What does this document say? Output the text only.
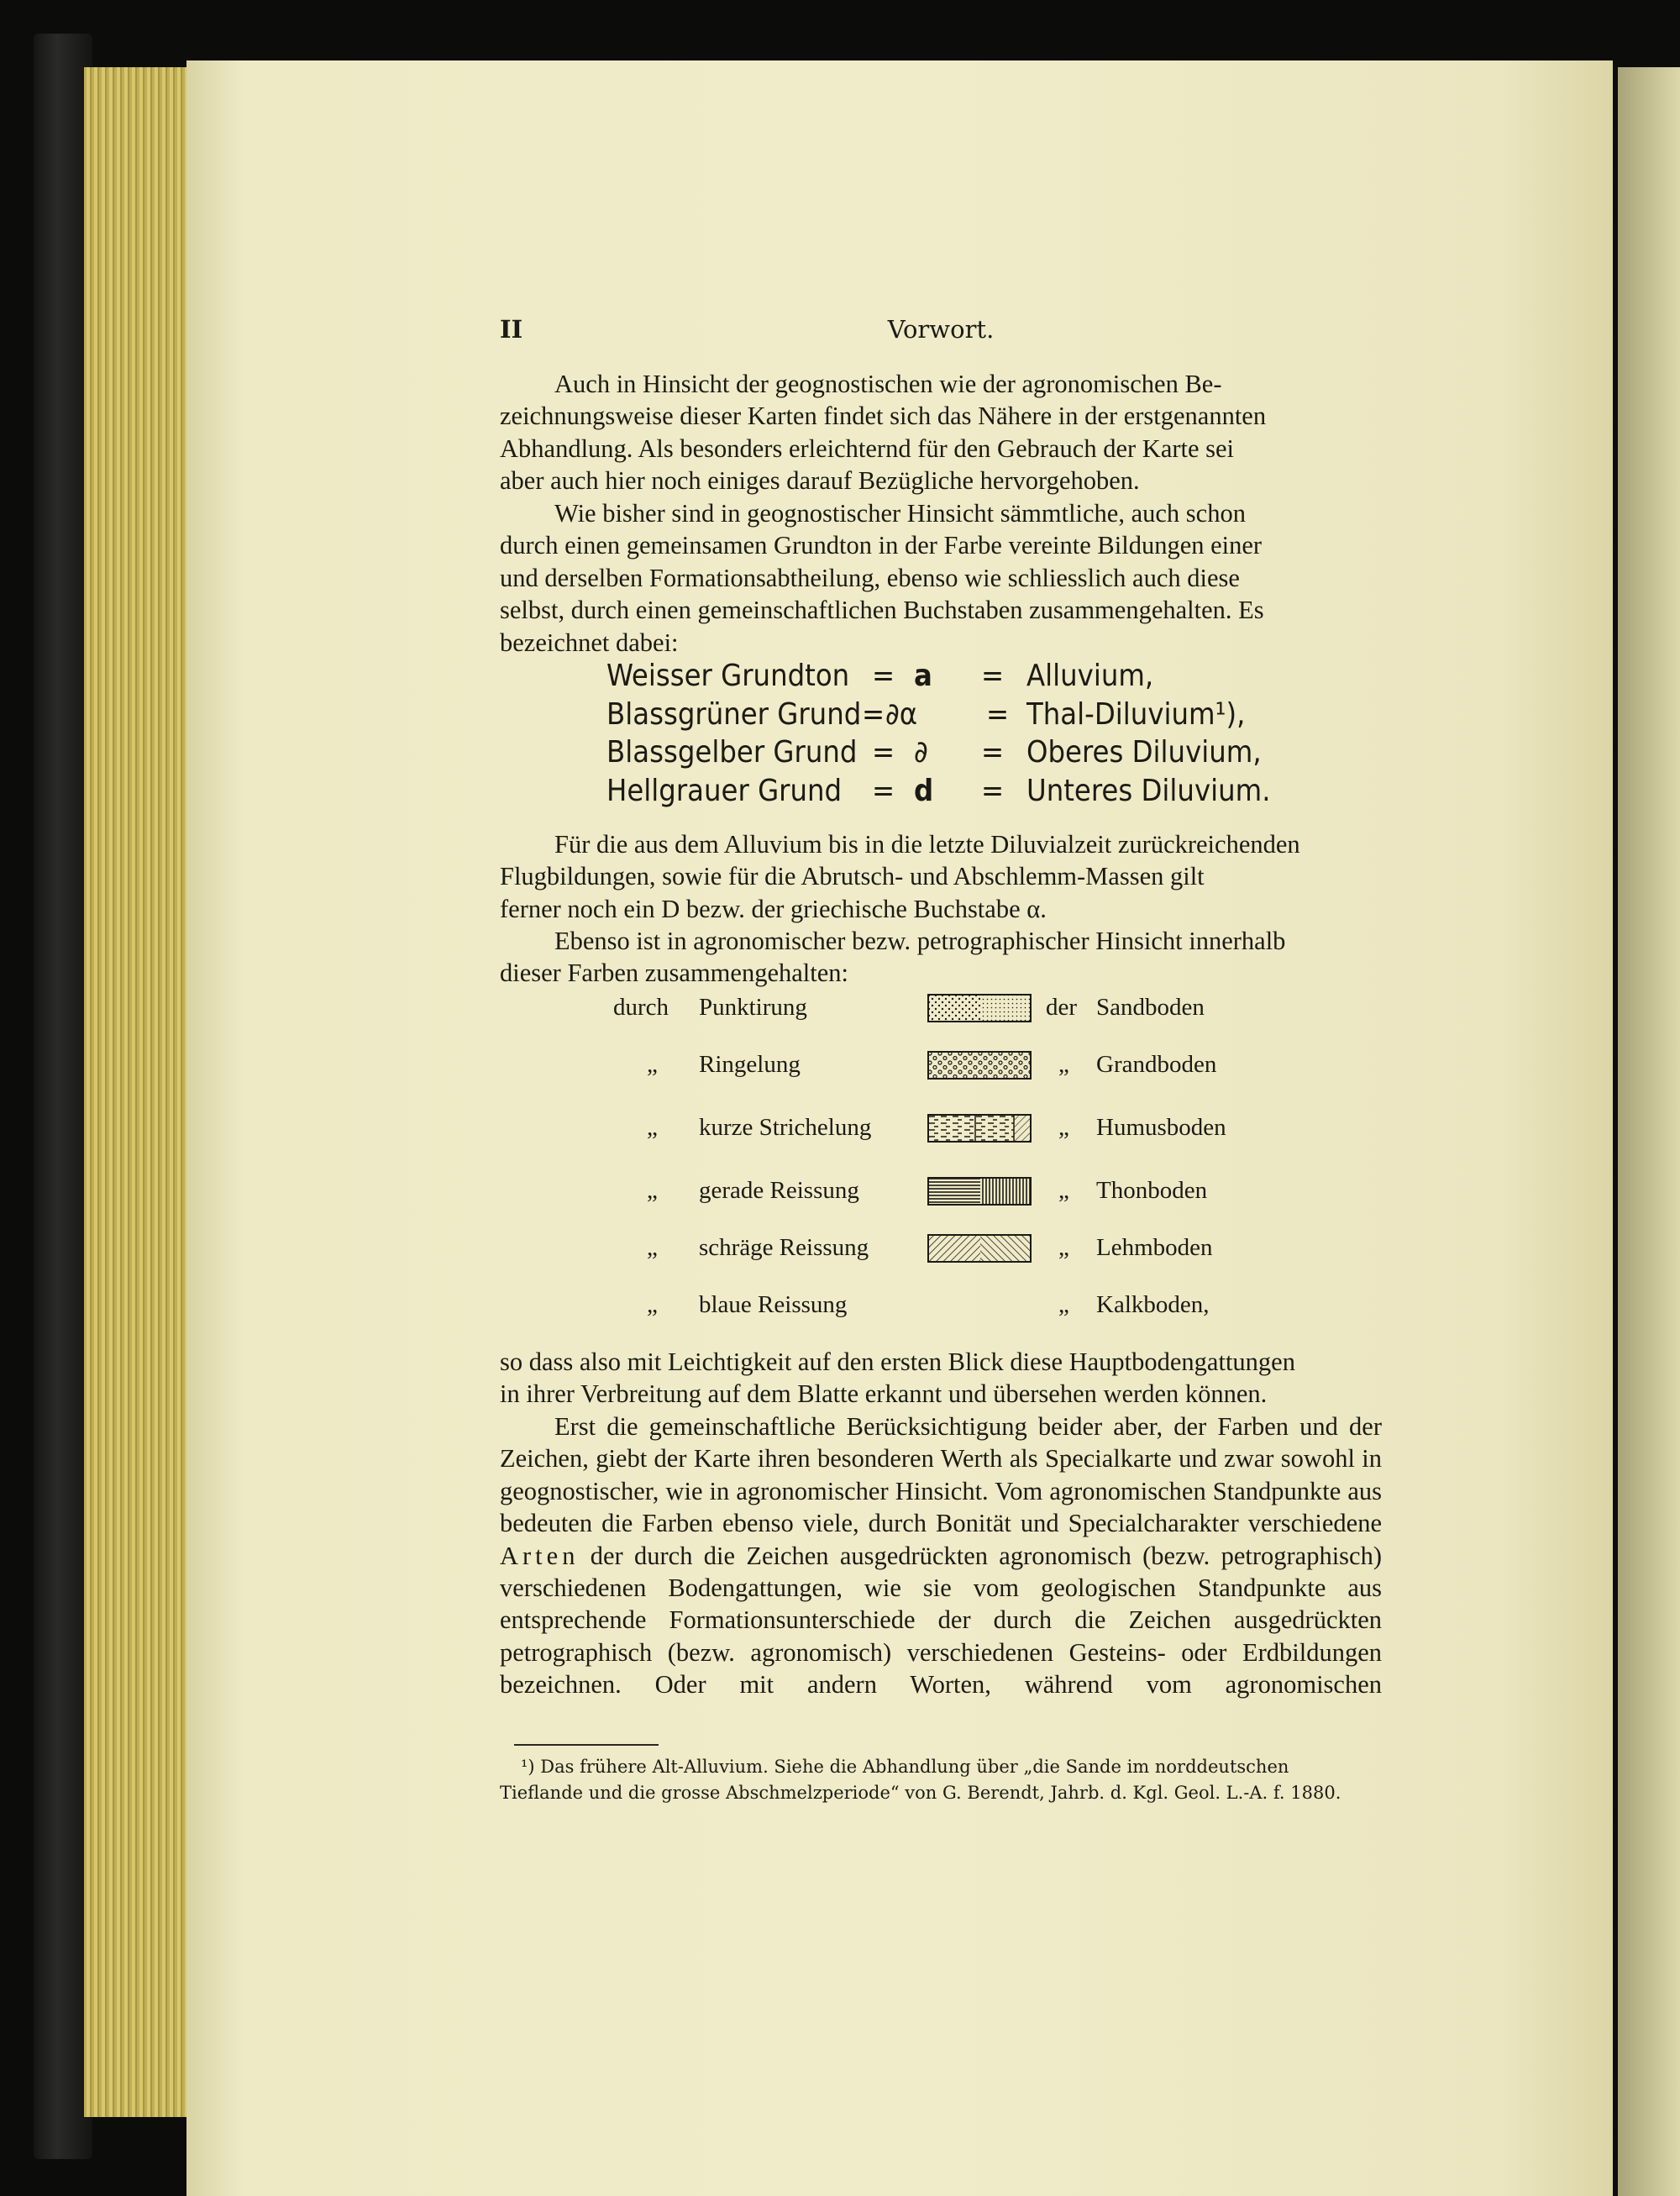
II	Vorwort.

Auch in Hinsicht der geognostischen wie der agronomischen Be-

zeichnungsweise dieser Karten findet sich das Nähere in der erstgenannten

Abhandlung. Als besonders erleichternd für den Gebrauch der Karte sei

aber auch hier noch einiges darauf Bezügliche hervorgehoben.

Wie bisher sind in geognostischer Hinsicht sämmtliche, auch schon

durch einen gemeinsamen Grundton in der Farbe vereinte Bildungen einer

und derselben Formationsabtheilung, ebenso wie schliesslich auch diese

selbst, durch einen gemeinschaftlichen Buchstaben zusammengehalten. Es

bezeichnet dabei:

Weisser Grundton a	Alluvium,
Blassgrüner Grund ∂α	Thal-Diluvium¹),
Blassgelber Grund ∂	Oberes Diluvium,
Hellgrauer Grund d	Unteres Diluvium.

Für die aus dem Alluvium bis in die letzte Diluvialzeit zurückreichenden

Flugbildungen, sowie für die Abrutsch- und Abschlemm-Massen gilt

ferner noch ein D bezw. der griechische Buchstabe α.

Ebenso ist in agronomischer bezw. petrographischer Hinsicht innerhalb

dieser Farben zusammengehalten:

durch Punktirung	der Sandboden
„ Ringelung	„ Grandboden
„ kurze Strichelung	„ Humusboden
„ gerade Reissung	„ Thonboden
„ schräge Reissung	„ Lehmboden
„ blaue Reissung	„ Kalkboden,

so dass also mit Leichtigkeit auf den ersten Blick diese Hauptbodengattungen

in ihrer Verbreitung auf dem Blatte erkannt und übersehen werden können.

Erst die gemeinschaftliche Berücksichtigung beider aber, der Farben und der Zeichen, giebt der Karte ihren besonderen Werth als Specialkarte und zwar sowohl in geognostischer, wie in agronomischer Hinsicht. Vom agronomischen Standpunkte aus bedeuten die Farben ebenso viele, durch Bonität und Specialcharakter verschiedene Arten der durch die Zeichen ausgedrückten agronomisch (bezw. petrographisch) verschiedenen Bodengattungen, wie sie vom geologischen Standpunkte aus entsprechende Formationsunterschiede der durch die Zeichen ausgedrückten petrographisch (bezw. agronomisch) verschiedenen Gesteins- oder Erdbildungen bezeichnen. Oder mit andern Worten, während vom agronomischen

¹) Das frühere Alt-Alluvium. Siehe die Abhandlung über „die Sande im norddeutschen

Tieflande und die grosse Abschmelzperiode“ von G. Berendt, Jahrb. d. Kgl. Geol. L.-A. f. 1880.
